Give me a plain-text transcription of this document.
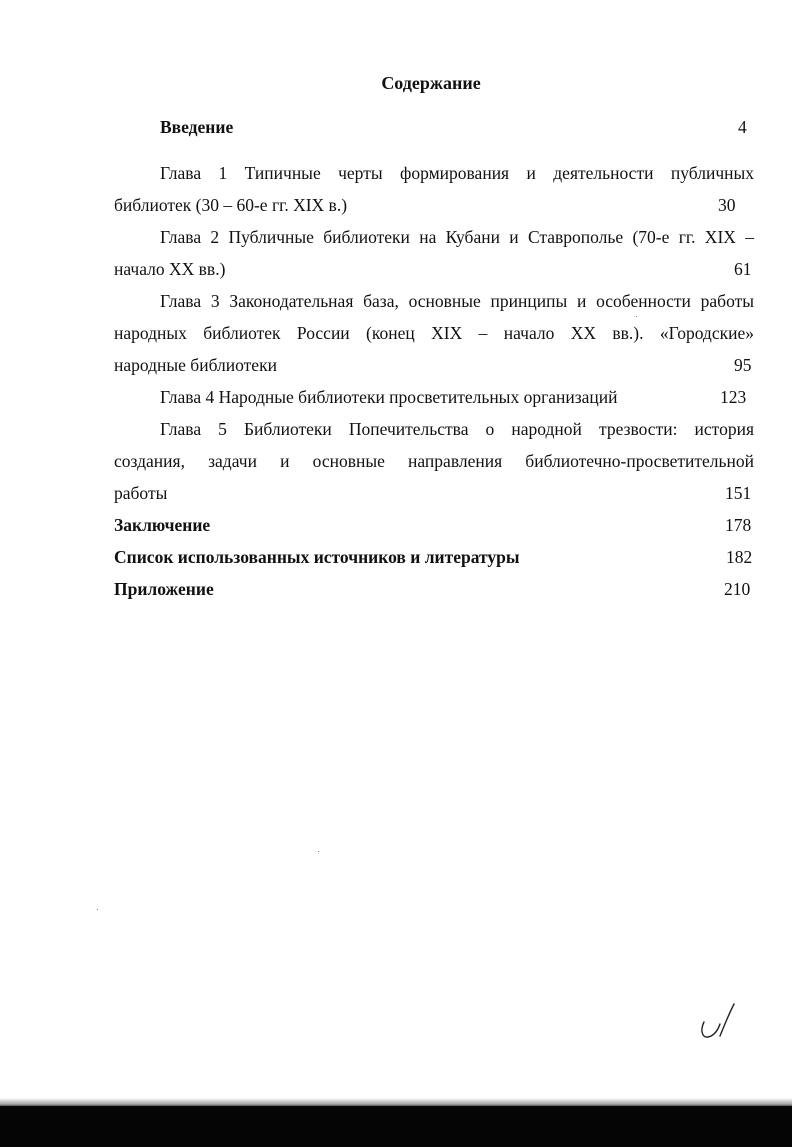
Содержание
Введение	4
Глава 1 Типичные черты формирования и деятельности публичных
библиотек (30 – 60-е гг. XIX в.)	30
Глава 2 Публичные библиотеки на Кубани и Ставрополье (70-е гг. XIX –
начало XX вв.)	61
Глава 3 Законодательная база, основные принципы и особенности работы
народных библиотек России (конец XIX – начало XX вв.). «Городские»
народные библиотеки	95
Глава 4 Народные библиотеки просветительных организаций	123
Глава 5 Библиотеки Попечительства о народной трезвости: история
создания, задачи и основные направления библиотечно-просветительной
работы	151
Заключение	178
Список использованных источников и литературы	182
Приложение	210
